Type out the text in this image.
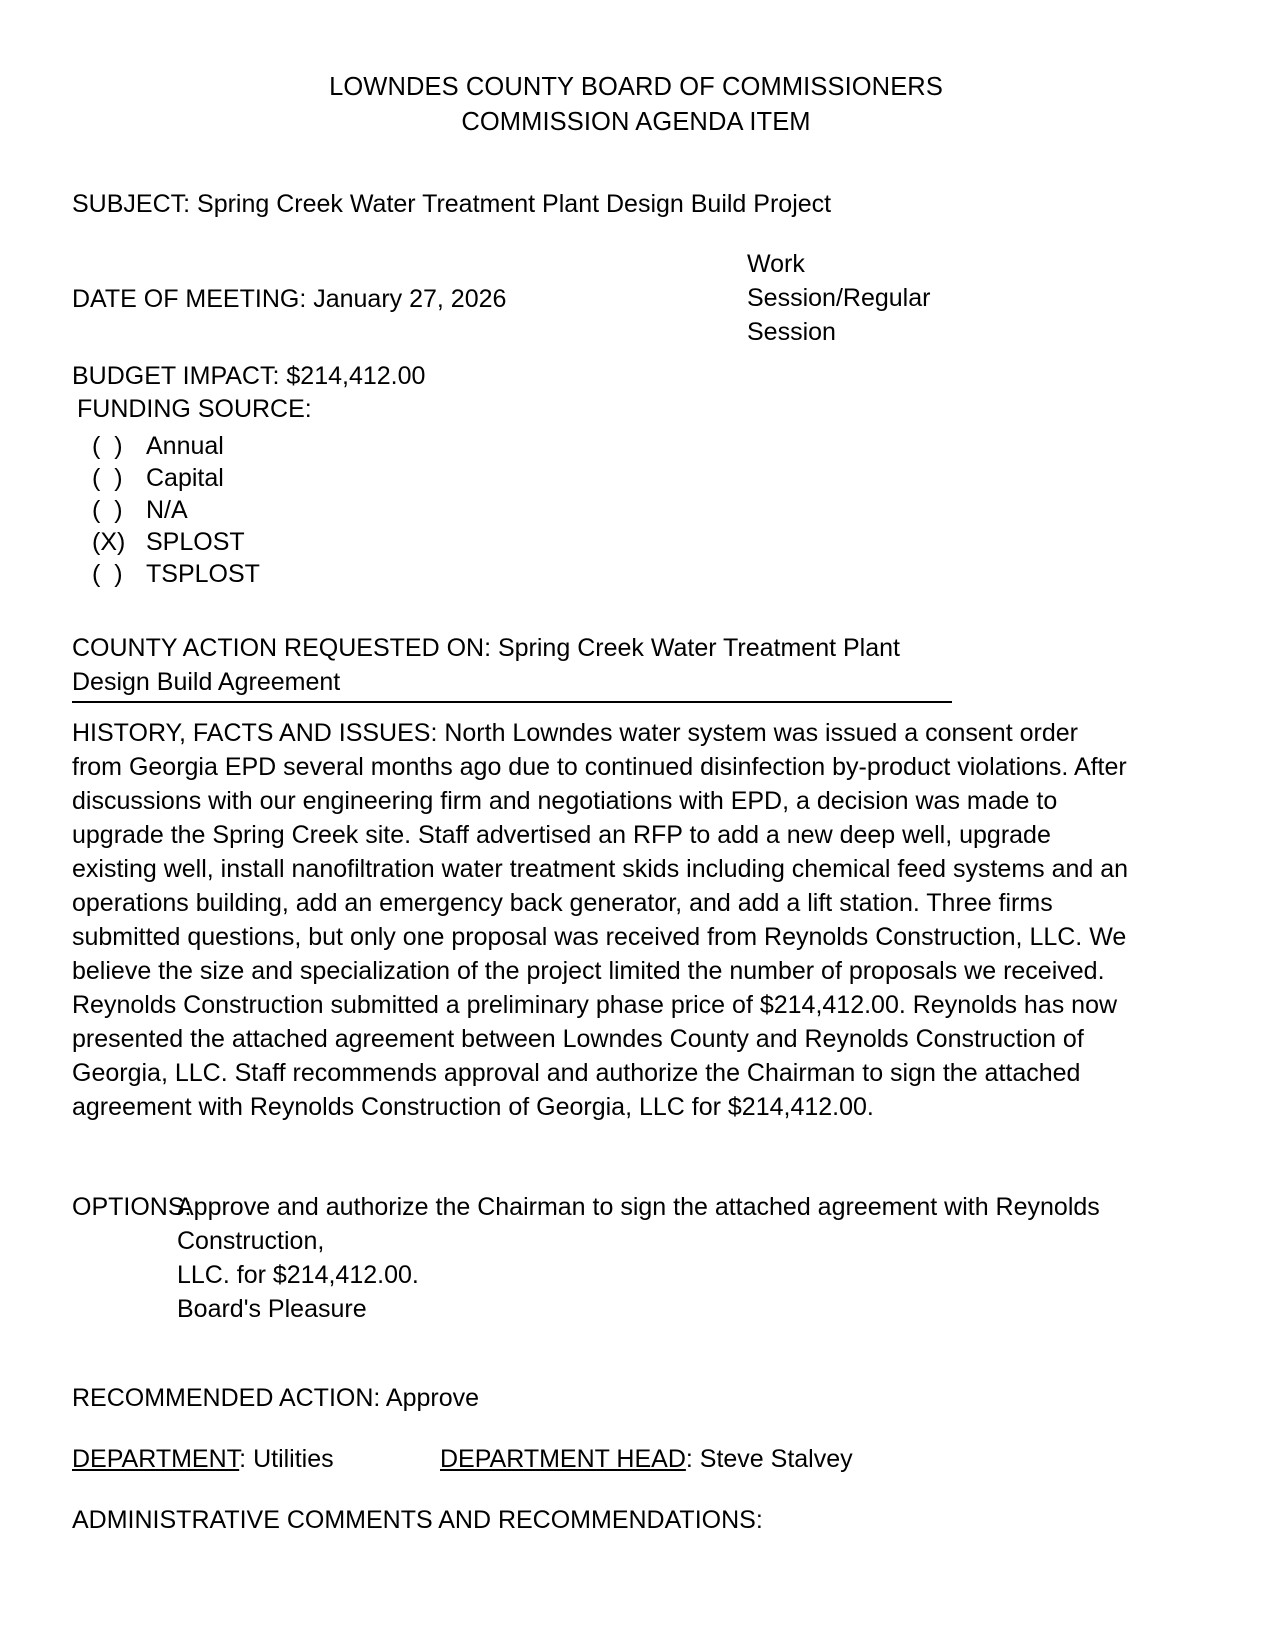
LOWNDES COUNTY BOARD OF COMMISSIONERS
COMMISSION AGENDA ITEM
SUBJECT: Spring Creek Water Treatment Plant Design Build Project
DATE OF MEETING: January 27, 2026
Work
Session/Regular
Session
BUDGET IMPACT: $214,412.00
FUNDING SOURCE:
(  ) Annual
(  ) Capital
(  ) N/A
(X) SPLOST
(  ) TSPLOST
COUNTY ACTION REQUESTED ON: Spring Creek Water Treatment Plant Design Build Agreement
HISTORY, FACTS AND ISSUES: North Lowndes water system was issued a consent order from Georgia EPD several months ago due to continued disinfection by-product violations. After discussions with our engineering firm and negotiations with EPD, a decision was made to upgrade the Spring Creek site. Staff advertised an RFP to add a new deep well, upgrade existing well, install nanofiltration water treatment skids including chemical feed systems and an operations building, add an emergency back generator, and add a lift station. Three firms submitted questions, but only one proposal was received from Reynolds Construction, LLC. We believe the size and specialization of the project limited the number of proposals we received. Reynolds Construction submitted a preliminary phase price of $214,412.00. Reynolds has now presented the attached agreement between Lowndes County and Reynolds Construction of Georgia, LLC. Staff recommends approval and authorize the Chairman to sign the attached agreement with Reynolds Construction of Georgia, LLC for $214,412.00.
OPTIONS:
Approve and authorize the Chairman to sign the attached agreement with Reynolds Construction,
LLC. for $214,412.00.
Board's Pleasure
RECOMMENDED ACTION: Approve
DEPARTMENT: Utilities	DEPARTMENT HEAD: Steve Stalvey
ADMINISTRATIVE COMMENTS AND RECOMMENDATIONS:
